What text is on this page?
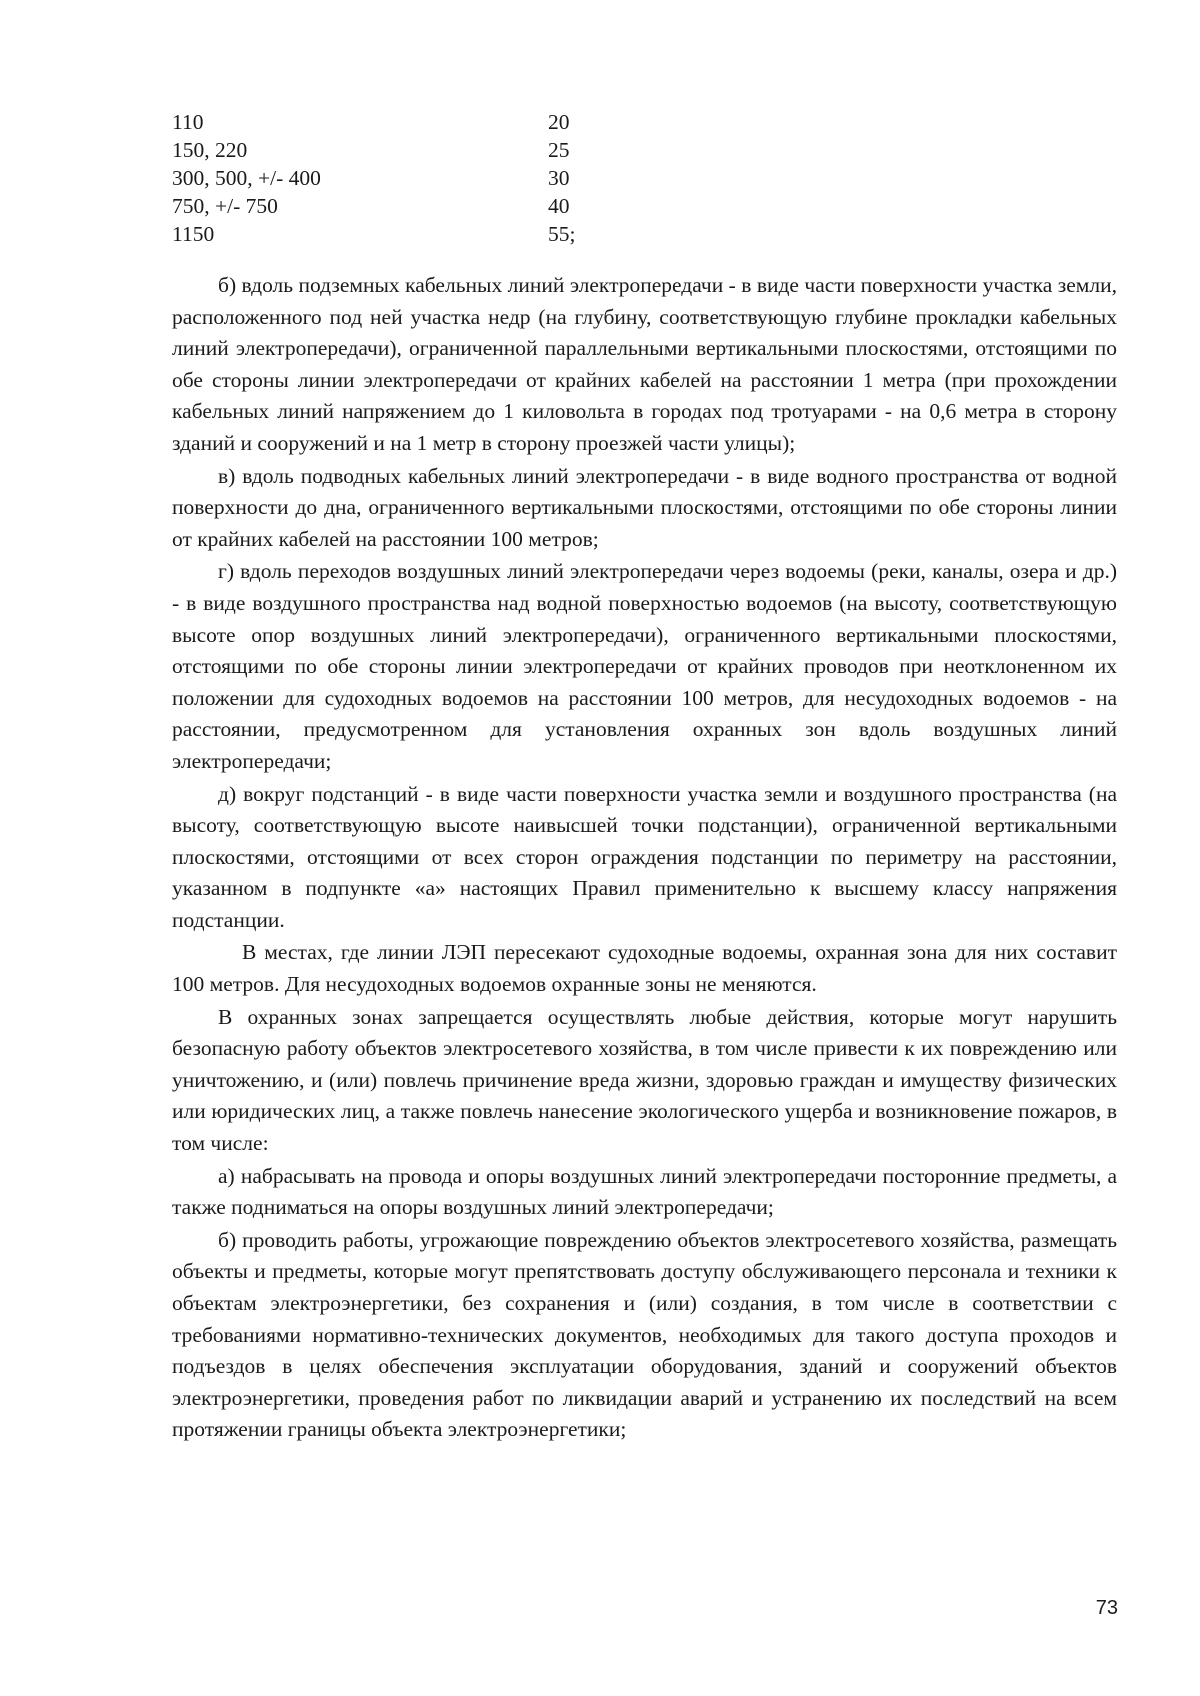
110	20
150, 220	25
300, 500, +/- 400	30
750, +/- 750	40
1150	55;

б) вдоль подземных кабельных линий электропередачи - в виде части поверхности участка земли, расположенного под ней участка недр (на глубину, соответствующую глубине прокладки кабельных линий электропередачи), ограниченной параллельными вертикальными плоскостями, отстоящими по обе стороны линии электропередачи от крайних кабелей на расстоянии 1 метра (при прохождении кабельных линий напряжением до 1 киловольта в городах под тротуарами - на 0,6 метра в сторону зданий и сооружений и на 1 метр в сторону проезжей части улицы);

в) вдоль подводных кабельных линий электропередачи - в виде водного пространства от водной поверхности до дна, ограниченного вертикальными плоскостями, отстоящими по обе стороны линии от крайних кабелей на расстоянии 100 метров;

г) вдоль переходов воздушных линий электропередачи через водоемы (реки, каналы, озера и др.) - в виде воздушного пространства над водной поверхностью водоемов (на высоту, соответствующую высоте опор воздушных линий электропередачи), ограниченного вертикальными плоскостями, отстоящими по обе стороны линии электропередачи от крайних проводов при неотклоненном их положении для судоходных водоемов на расстоянии 100 метров, для несудоходных водоемов - на расстоянии, предусмотренном для установления охранных зон вдоль воздушных линий электропередачи;

д) вокруг подстанций - в виде части поверхности участка земли и воздушного пространства (на высоту, соответствующую высоте наивысшей точки подстанции), ограниченной вертикальными плоскостями, отстоящими от всех сторон ограждения подстанции по периметру на расстоянии, указанном в подпункте «а» настоящих Правил применительно к высшему классу напряжения подстанции.

В местах, где линии ЛЭП пересекают судоходные водоемы, охранная зона для них составит 100 метров. Для несудоходных водоемов охранные зоны не меняются.

В охранных зонах запрещается осуществлять любые действия, которые могут нарушить безопасную работу объектов электросетевого хозяйства, в том числе привести к их повреждению или уничтожению, и (или) повлечь причинение вреда жизни, здоровью граждан и имуществу физических или юридических лиц, а также повлечь нанесение экологического ущерба и возникновение пожаров, в том числе:

а) набрасывать на провода и опоры воздушных линий электропередачи посторонние предметы, а также подниматься на опоры воздушных линий электропередачи;

б) проводить работы, угрожающие повреждению объектов электросетевого хозяйства, размещать объекты и предметы, которые могут препятствовать доступу обслуживающего персонала и техники к объектам электроэнергетики, без сохранения и (или) создания, в том числе в соответствии с требованиями нормативно-технических документов, необходимых для такого доступа проходов и подъездов в целях обеспечения эксплуатации оборудования, зданий и сооружений объектов электроэнергетики, проведения работ по ликвидации аварий и устранению их последствий на всем протяжении границы объекта электроэнергетики;

73
